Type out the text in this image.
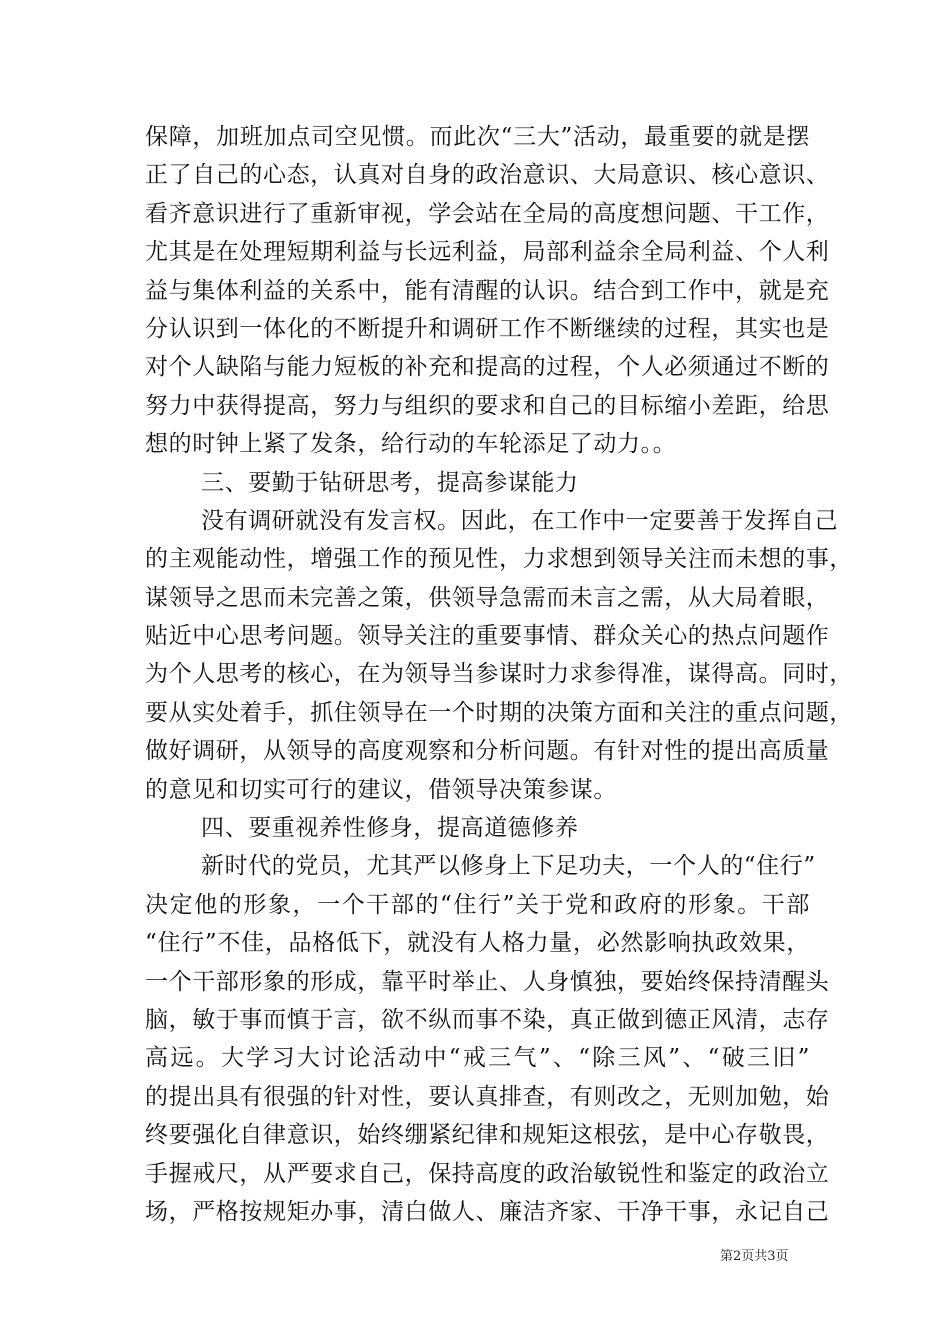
保障，加班加点司空见惯。而此次“三大”活动，最重要的就是摆
正了自己的心态，认真对自身的政治意识、大局意识、核心意识、
看齐意识进行了重新审视，学会站在全局的高度想问题、干工作，
尤其是在处理短期利益与长远利益，局部利益余全局利益、个人利
益与集体利益的关系中，能有清醒的认识。结合到工作中，就是充
分认识到一体化的不断提升和调研工作不断继续的过程，其实也是
对个人缺陷与能力短板的补充和提高的过程，个人必须通过不断的
努力中获得提高，努力与组织的要求和自己的目标缩小差距，给思
想的时钟上紧了发条，给行动的车轮添足了动力。。
三、要勤于钻研思考，提高参谋能力
没有调研就没有发言权。因此，在工作中一定要善于发挥自己
的主观能动性，增强工作的预见性，力求想到领导关注而未想的事，
谋领导之思而未完善之策，供领导急需而未言之需，从大局着眼，
贴近中心思考问题。领导关注的重要事情、群众关心的热点问题作
为个人思考的核心，在为领导当参谋时力求参得准，谋得高。同时，
要从实处着手，抓住领导在一个时期的决策方面和关注的重点问题，
做好调研，从领导的高度观察和分析问题。有针对性的提出高质量
的意见和切实可行的建议，借领导决策参谋。
四、要重视养性修身，提高道德修养
新时代的党员，尤其严以修身上下足功夫，一个人的“住行”
决定他的形象，一个干部的“住行”关于党和政府的形象。干部
“住行”不佳，品格低下，就没有人格力量，必然影响执政效果，
一个干部形象的形成，靠平时举止、人身慎独，要始终保持清醒头
脑，敏于事而慎于言，欲不纵而事不染，真正做到德正风清，志存
高远。大学习大讨论活动中“戒三气”、“除三风”、“破三旧”
的提出具有很强的针对性，要认真排查，有则改之，无则加勉，始
终要强化自律意识，始终绷紧纪律和规矩这根弦，是中心存敬畏，
手握戒尺，从严要求自己，保持高度的政治敏锐性和鉴定的政治立
场，严格按规矩办事，清白做人、廉洁齐家、干净干事，永记自己
第2页共3页
